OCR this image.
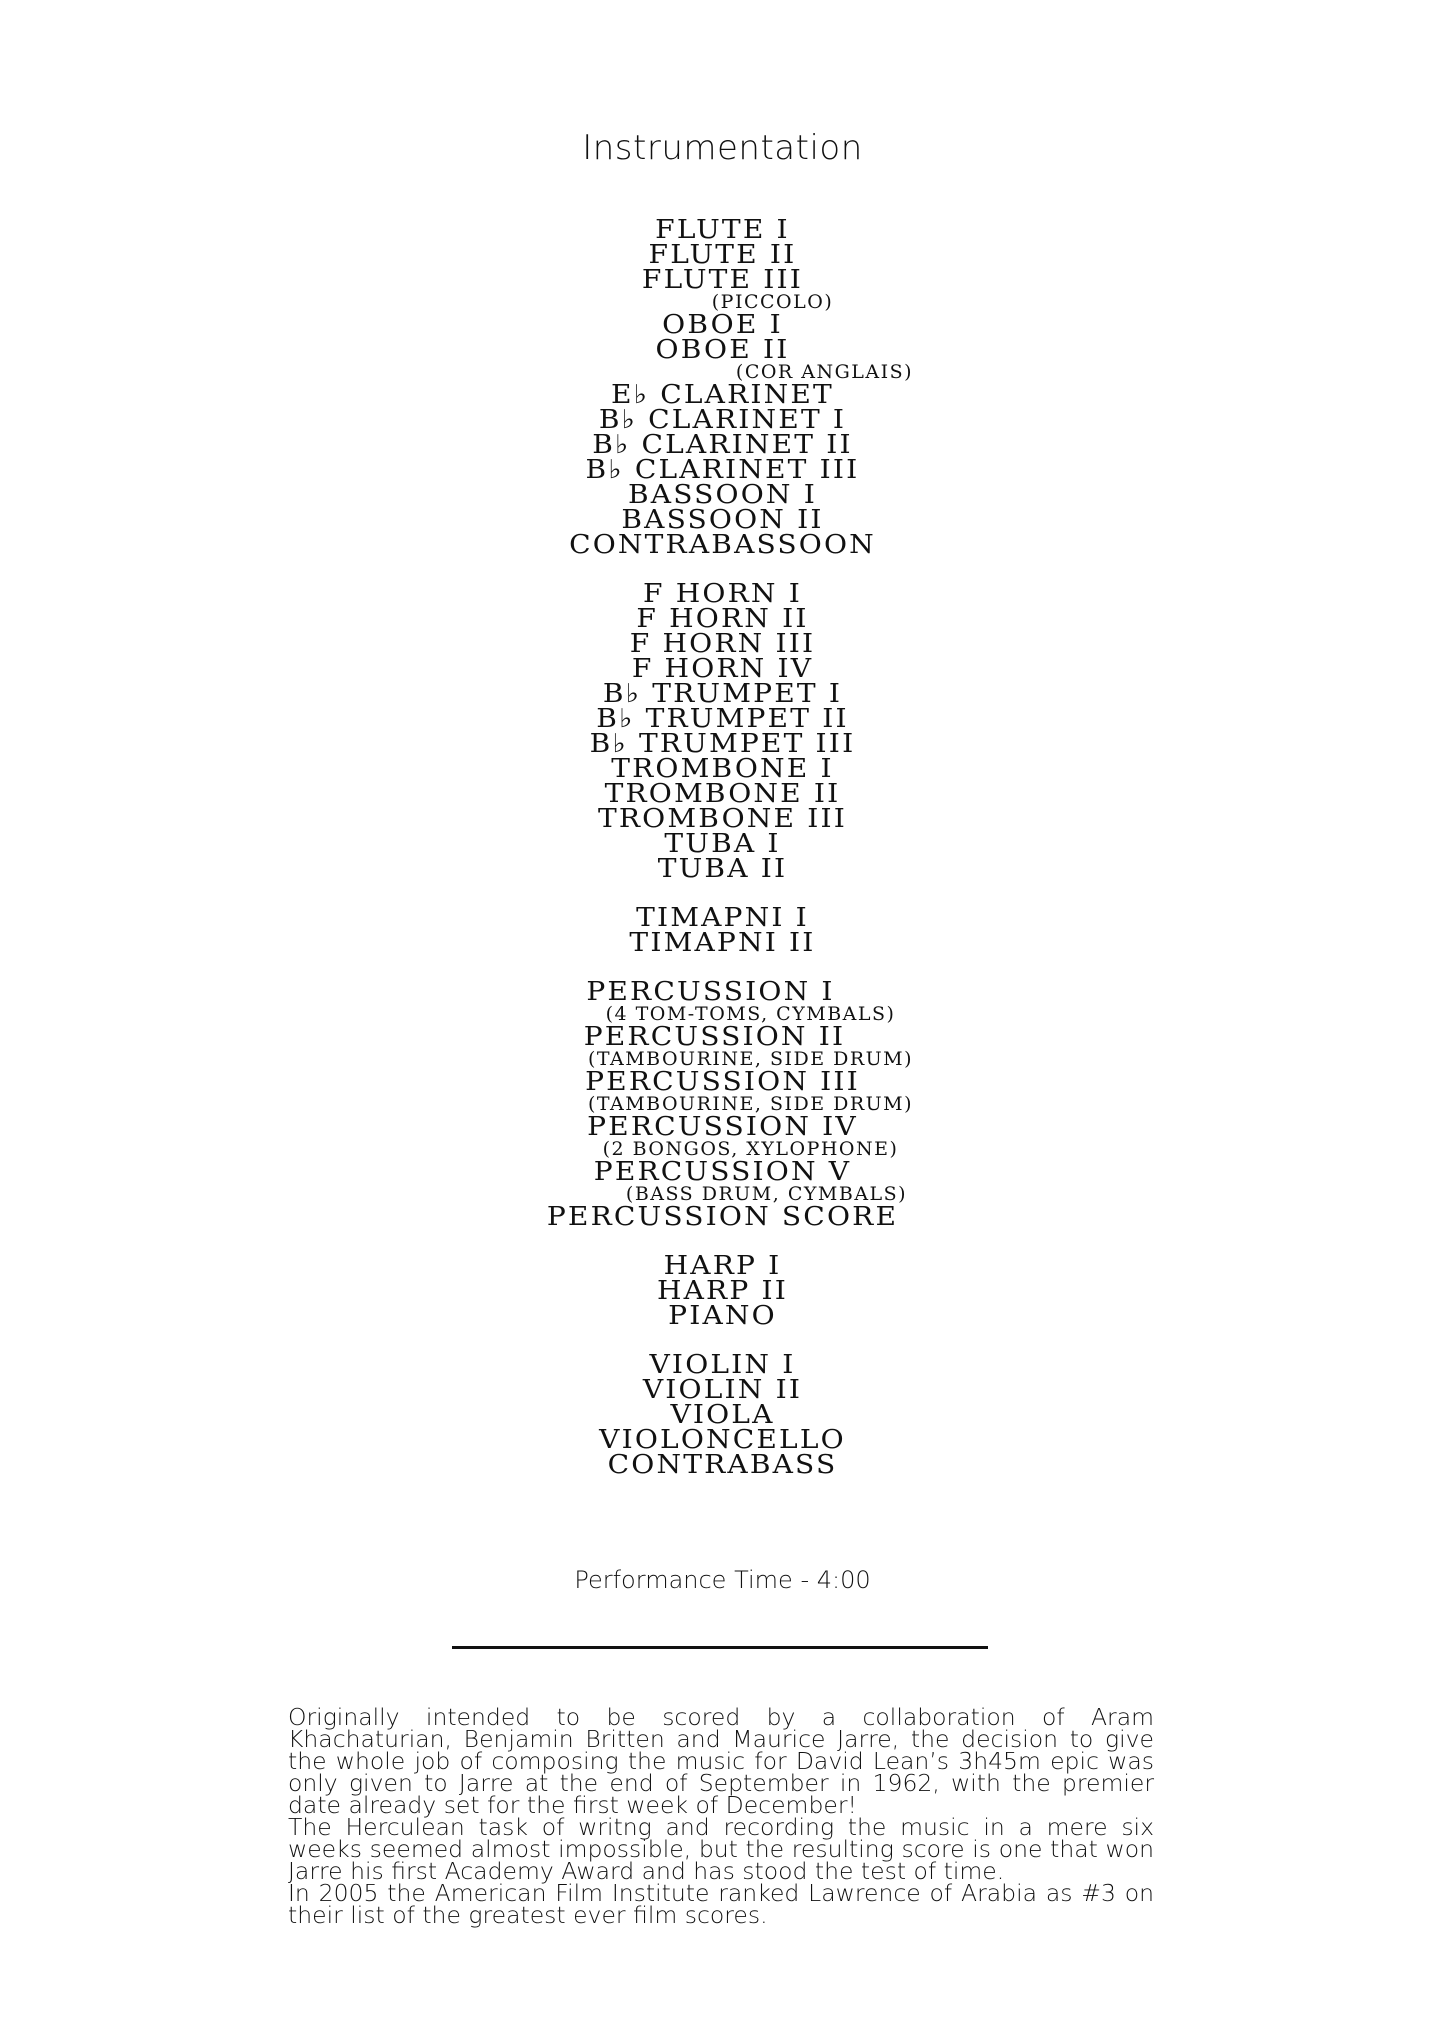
Instrumentation
FLUTE I
FLUTE II
FLUTE III
(PICCOLO)
OBOE I
OBOE II
(COR ANGLAIS)
E♭ CLARINET
B♭ CLARINET I
B♭ CLARINET II
B♭ CLARINET III
BASSOON I
BASSOON II
CONTRABASSOON
F HORN I
F HORN II
F HORN III
F HORN IV
B♭ TRUMPET I
B♭ TRUMPET II
B♭ TRUMPET III
TROMBONE I
TROMBONE II
TROMBONE III
TUBA I
TUBA II
TIMAPNI I
TIMAPNI II
PERCUSSION I
(4 TOM-TOMS, CYMBALS)
PERCUSSION II
(TAMBOURINE, SIDE DRUM)
PERCUSSION III
(TAMBOURINE, SIDE DRUM)
PERCUSSION IV
(2 BONGOS, XYLOPHONE)
PERCUSSION V
(BASS DRUM, CYMBALS)
PERCUSSION SCORE
HARP I
HARP II
PIANO
VIOLIN I
VIOLIN II
VIOLA
VIOLONCELLO
CONTRABASS
Performance Time - 4:00

Originally intended to be scored by a collaboration of Aram Khachaturian, Benjamin Britten and Maurice Jarre, the decision to give the whole job of composing the music for David Lean’s 3h45m epic was only given to Jarre at the end of September in 1962, with the premier date already set for the first week of December!

The Herculean task of writng and recording the music in a mere six weeks seemed almost impossible, but the resulting score is one that won Jarre his first Academy Award and has stood the test of time.

In 2005 the American Film Institute ranked Lawrence of Arabia as #3 on their list of the greatest ever film scores.
